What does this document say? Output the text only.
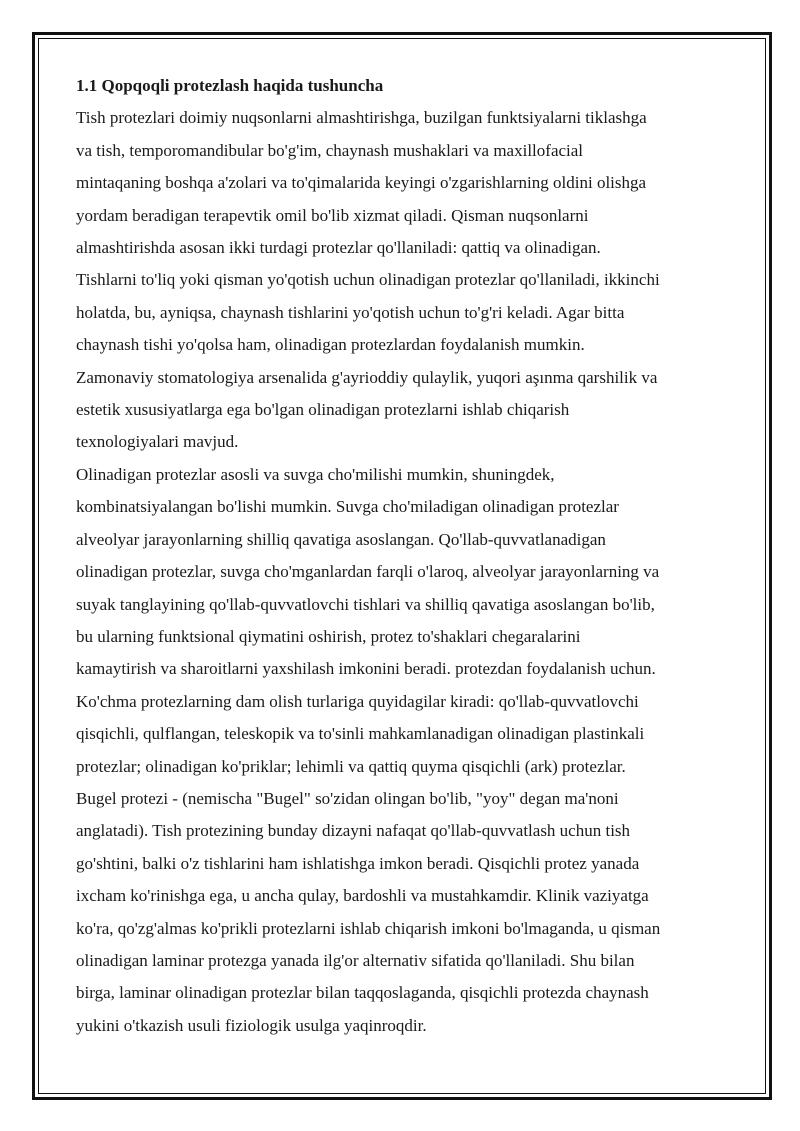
1.1 Qopqoqli protezlash haqida tushuncha

Tish protezlari doimiy nuqsonlarni almashtirishga, buzilgan funktsiyalarni tiklashga

va tish, temporomandibular bo'g'im, chaynash mushaklari va maxillofacial

mintaqaning boshqa a'zolari va to'qimalarida keyingi o'zgarishlarning oldini olishga

yordam beradigan terapevtik omil bo'lib xizmat qiladi. Qisman nuqsonlarni

almashtirishda asosan ikki turdagi protezlar qo'llaniladi: qattiq va olinadigan.

Tishlarni to'liq yoki qisman yo'qotish uchun olinadigan protezlar qo'llaniladi, ikkinchi

holatda, bu, ayniqsa, chaynash tishlarini yo'qotish uchun to'g'ri keladi. Agar bitta

chaynash tishi yo'qolsa ham, olinadigan protezlardan foydalanish mumkin.

Zamonaviy stomatologiya arsenalida g'ayrioddiy qulaylik, yuqori aşınma qarshilik va

estetik xususiyatlarga ega bo'lgan olinadigan protezlarni ishlab chiqarish

texnologiyalari mavjud.

Olinadigan protezlar asosli va suvga cho'milishi mumkin, shuningdek,

kombinatsiyalangan bo'lishi mumkin. Suvga cho'miladigan olinadigan protezlar

alveolyar jarayonlarning shilliq qavatiga asoslangan. Qo'llab-quvvatlanadigan

olinadigan protezlar, suvga cho'mganlardan farqli o'laroq, alveolyar jarayonlarning va

suyak tanglayining qo'llab-quvvatlovchi tishlari va shilliq qavatiga asoslangan bo'lib,

bu ularning funktsional qiymatini oshirish, protez to'shaklari chegaralarini

kamaytirish va sharoitlarni yaxshilash imkonini beradi. protezdan foydalanish uchun.

Ko'chma protezlarning dam olish turlariga quyidagilar kiradi: qo'llab-quvvatlovchi

qisqichli, qulflangan, teleskopik va to'sinli mahkamlanadigan olinadigan plastinkali

protezlar; olinadigan ko'priklar; lehimli va qattiq quyma qisqichli (ark) protezlar.

Bugel protezi - (nemischa "Bugel" so'zidan olingan bo'lib, "yoy" degan ma'noni

anglatadi). Tish protezining bunday dizayni nafaqat qo'llab-quvvatlash uchun tish

go'shtini, balki o'z tishlarini ham ishlatishga imkon beradi. Qisqichli protez yanada

ixcham ko'rinishga ega, u ancha qulay, bardoshli va mustahkamdir. Klinik vaziyatga

ko'ra, qo'zg'almas ko'prikli protezlarni ishlab chiqarish imkoni bo'lmaganda, u qisman

olinadigan laminar protezga yanada ilg'or alternativ sifatida qo'llaniladi. Shu bilan

birga, laminar olinadigan protezlar bilan taqqoslaganda, qisqichli protezda chaynash

yukini o'tkazish usuli fiziologik usulga yaqinroqdir.
